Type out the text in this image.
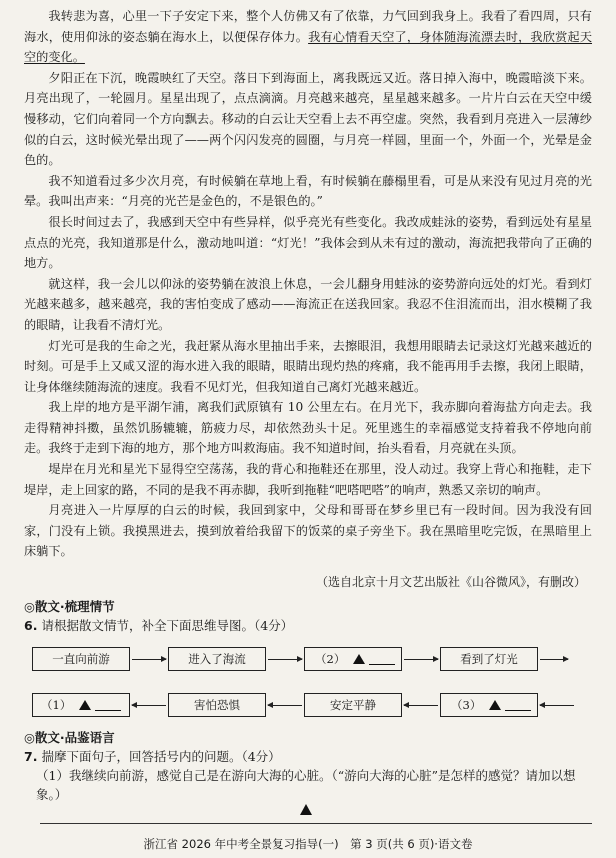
我转悲为喜，心里一下子安定下来，整个人仿佛又有了依靠，力气回到我身上。我看了看四周，只有海水，使用仰泳的姿态躺在海水上，以便保存体力。我有心情看天空了，身体随海流漂去时，我欣赏起天空的变化。

夕阳正在下沉，晚霞映红了天空。落日下到海面上，离我既远又近。落日掉入海中，晚霞暗淡下来。月亮出现了，一轮圆月。星星出现了，点点滴滴。月亮越来越亮，星星越来越多。一片片白云在天空中缓慢移动，它们向着同一个方向飘去。移动的白云让天空看上去不再空虚。突然，我看到月亮进入一层薄纱似的白云，这时候光晕出现了——两个闪闪发亮的圆圈，与月亮一样圆，里面一个，外面一个，光晕是金色的。

我不知道看过多少次月亮，有时候躺在草地上看，有时候躺在藤榻里看，可是从来没有见过月亮的光晕。我叫出声来：“月亮的光芒是金色的，不是银色的。”

很长时间过去了，我感到天空中有些异样，似乎亮光有些变化。我改成蛙泳的姿势，看到远处有星星点点的光亮，我知道那是什么，激动地叫道：“灯光！”我体会到从未有过的激动，海流把我带向了正确的地方。

就这样，我一会儿以仰泳的姿势躺在波浪上休息，一会儿翻身用蛙泳的姿势游向远处的灯光。看到灯光越来越多，越来越亮，我的害怕变成了感动——海流正在送我回家。我忍不住泪流而出，泪水模糊了我的眼睛，让我看不清灯光。

灯光可是我的生命之光，我赶紧从海水里抽出手来，去擦眼泪，我想用眼睛去记录这灯光越来越近的时刻。可是手上又咸又涩的海水进入我的眼睛，眼睛出现灼热的疼痛，我不能再用手去擦，我闭上眼睛，让身体继续随海流的速度。我看不见灯光，但我知道自己离灯光越来越近。

我上岸的地方是平湖乍浦，离我们武原镇有 10 公里左右。在月光下，我赤脚向着海盐方向走去。我走得精神抖擞，虽然饥肠辘辘，筋疲力尽，却依然劲头十足。死里逃生的幸福感觉支持着我不停地向前走。我终于走到下海的地方，那个地方叫救海庙。我不知道时间，抬头看看，月亮就在头顶。

堤岸在月光和星光下显得空空荡荡，我的背心和拖鞋还在那里，没人动过。我穿上背心和拖鞋，走下堤岸，走上回家的路，不同的是我不再赤脚，我听到拖鞋“吧嗒吧嗒”的响声，熟悉又亲切的响声。

月亮进入一片厚厚的白云的时候，我回到家中，父母和哥哥在梦乡里已有一段时间。因为我没有回家，门没有上锁。我摸黑进去，摸到放着给我留下的饭菜的桌子旁坐下。我在黑暗里吃完饭，在黑暗里上床躺下。

（选自北京十月文艺出版社《山谷微风》，有删改）

◎散文·梳理情节

6. 请根据散文情节，补全下面思维导图。（4分）

一直向前游	进入了海流	（2）	看到了灯光
（1）	害怕恐惧	安定平静	（3）

◎散文·品鉴语言

7. 揣摩下面句子，回答括号内的问题。（4分）

（1）我继续向前游，感觉自己是在游向大海的心脏。（“游向大海的心脏”是怎样的感觉？请加以想象。）

浙江省 2026 年中考全景复习指导(一)　第 3 页(共 6 页)·语文卷
